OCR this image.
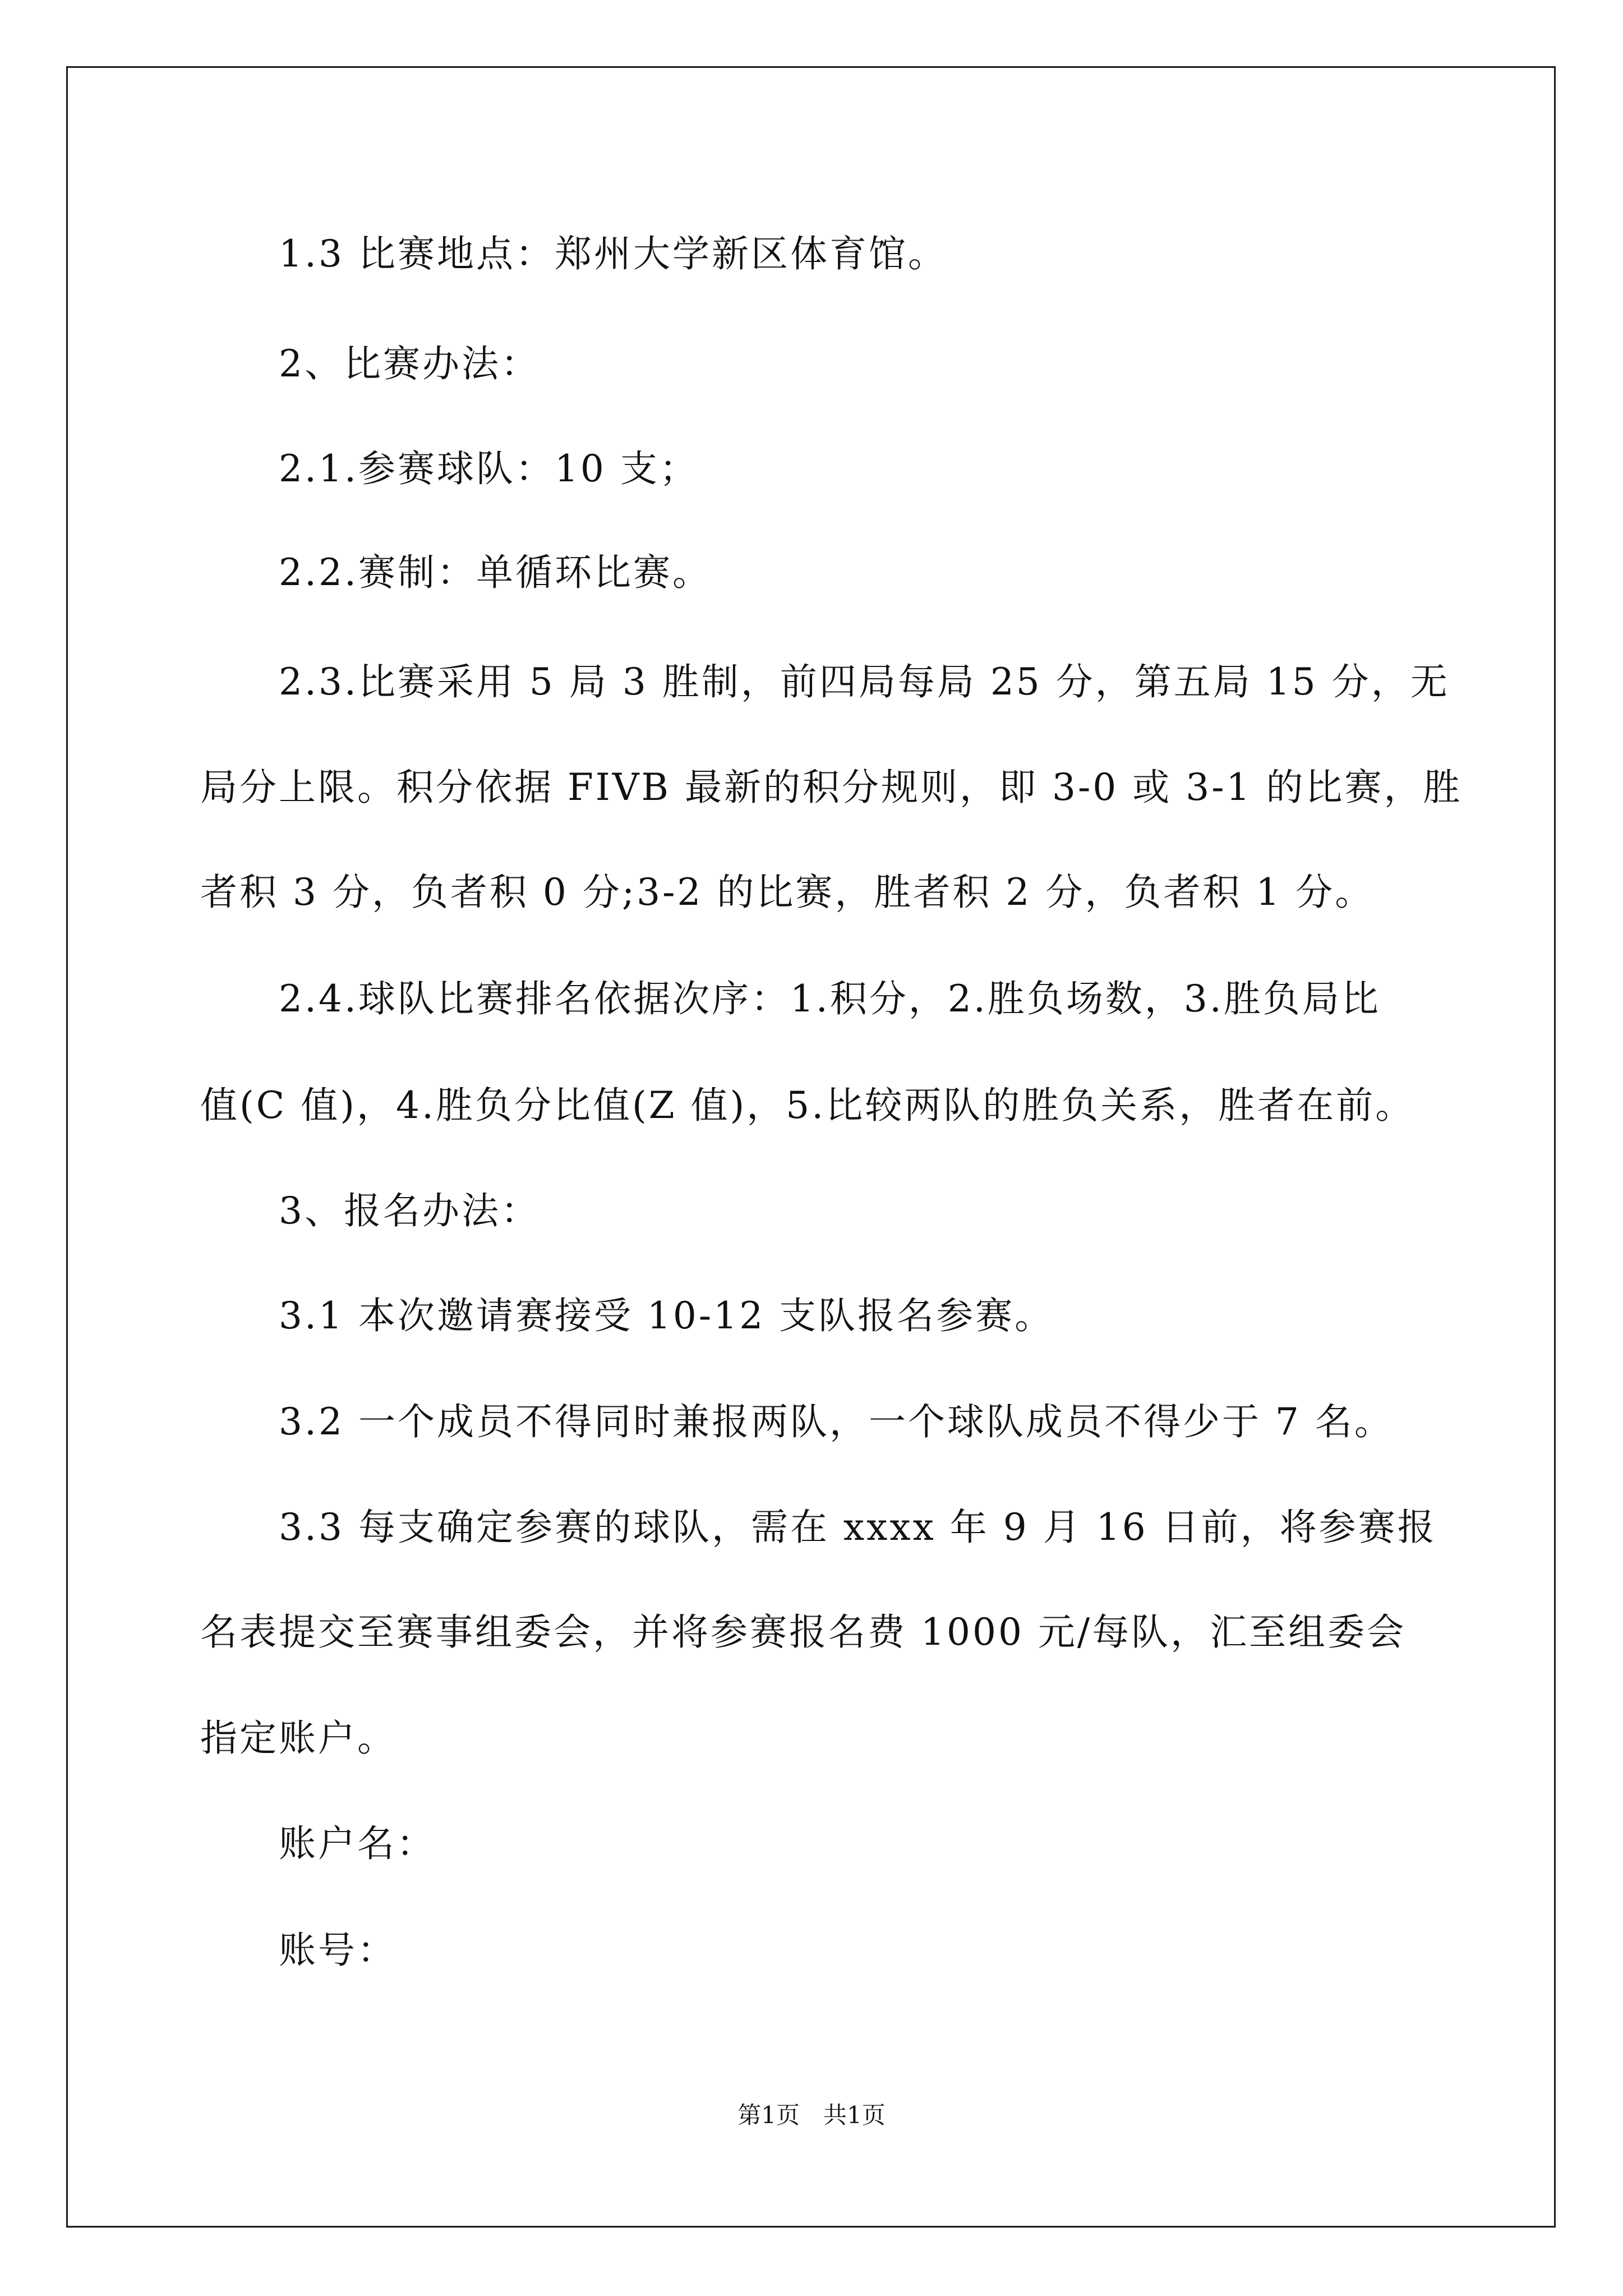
1.3 比赛地点：郑州大学新区体育馆。

2、比赛办法：

2.1.参赛球队：10 支；

2.2.赛制：单循环比赛。

2.3.比赛采用 5 局 3 胜制，前四局每局 25 分，第五局 15 分，无

局分上限。积分依据 FIVB 最新的积分规则，即 3-0 或 3-1 的比赛，胜

者积 3 分，负者积 0 分;3-2 的比赛，胜者积 2 分，负者积 1 分。

2.4.球队比赛排名依据次序：1.积分，2.胜负场数，3.胜负局比

值(C 值)，4.胜负分比值(Z 值)，5.比较两队的胜负关系，胜者在前。

3、报名办法：

3.1 本次邀请赛接受 10-12 支队报名参赛。

3.2 一个成员不得同时兼报两队，一个球队成员不得少于 7 名。

3.3 每支确定参赛的球队，需在 xxxx 年 9 月 16 日前，将参赛报

名表提交至赛事组委会，并将参赛报名费 1000 元/每队，汇至组委会

指定账户。

账户名：

账号：

第1页　共1页
